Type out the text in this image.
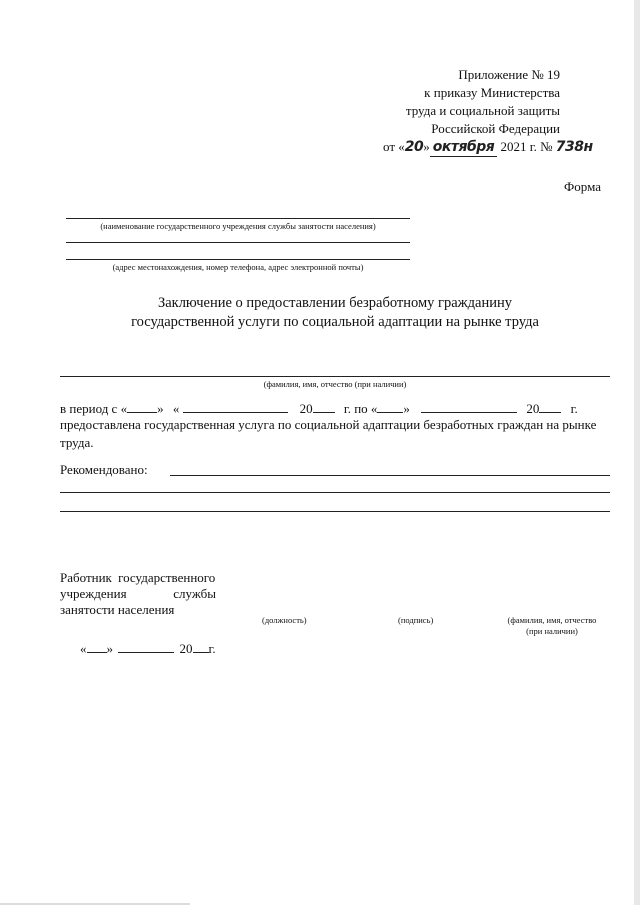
Приложение № 19
к приказу Министерства
труда и социальной защиты
Российской Федерации
от «20» октября 2021 г. № 738н
Форма
(наименование государственного учреждения службы занятости населения)
(адрес местонахождения, номер телефона, адрес электронной почты)
Заключение о предоставлении безработному гражданину
государственной услуги по социальной адаптации на рынке труда
(фамилия, имя, отчество (при наличии)
в период с « » «	20 г. по « »	20 г.
предоставлена государственная услуга по социальной адаптации безработных граждан на рынке
труда.
Рекомендовано:
Работник государственного
учреждения	службы
занятости населения
(должность)	(подпись)	(фамилия, имя, отчество
(при наличии)
« »	20 г.
